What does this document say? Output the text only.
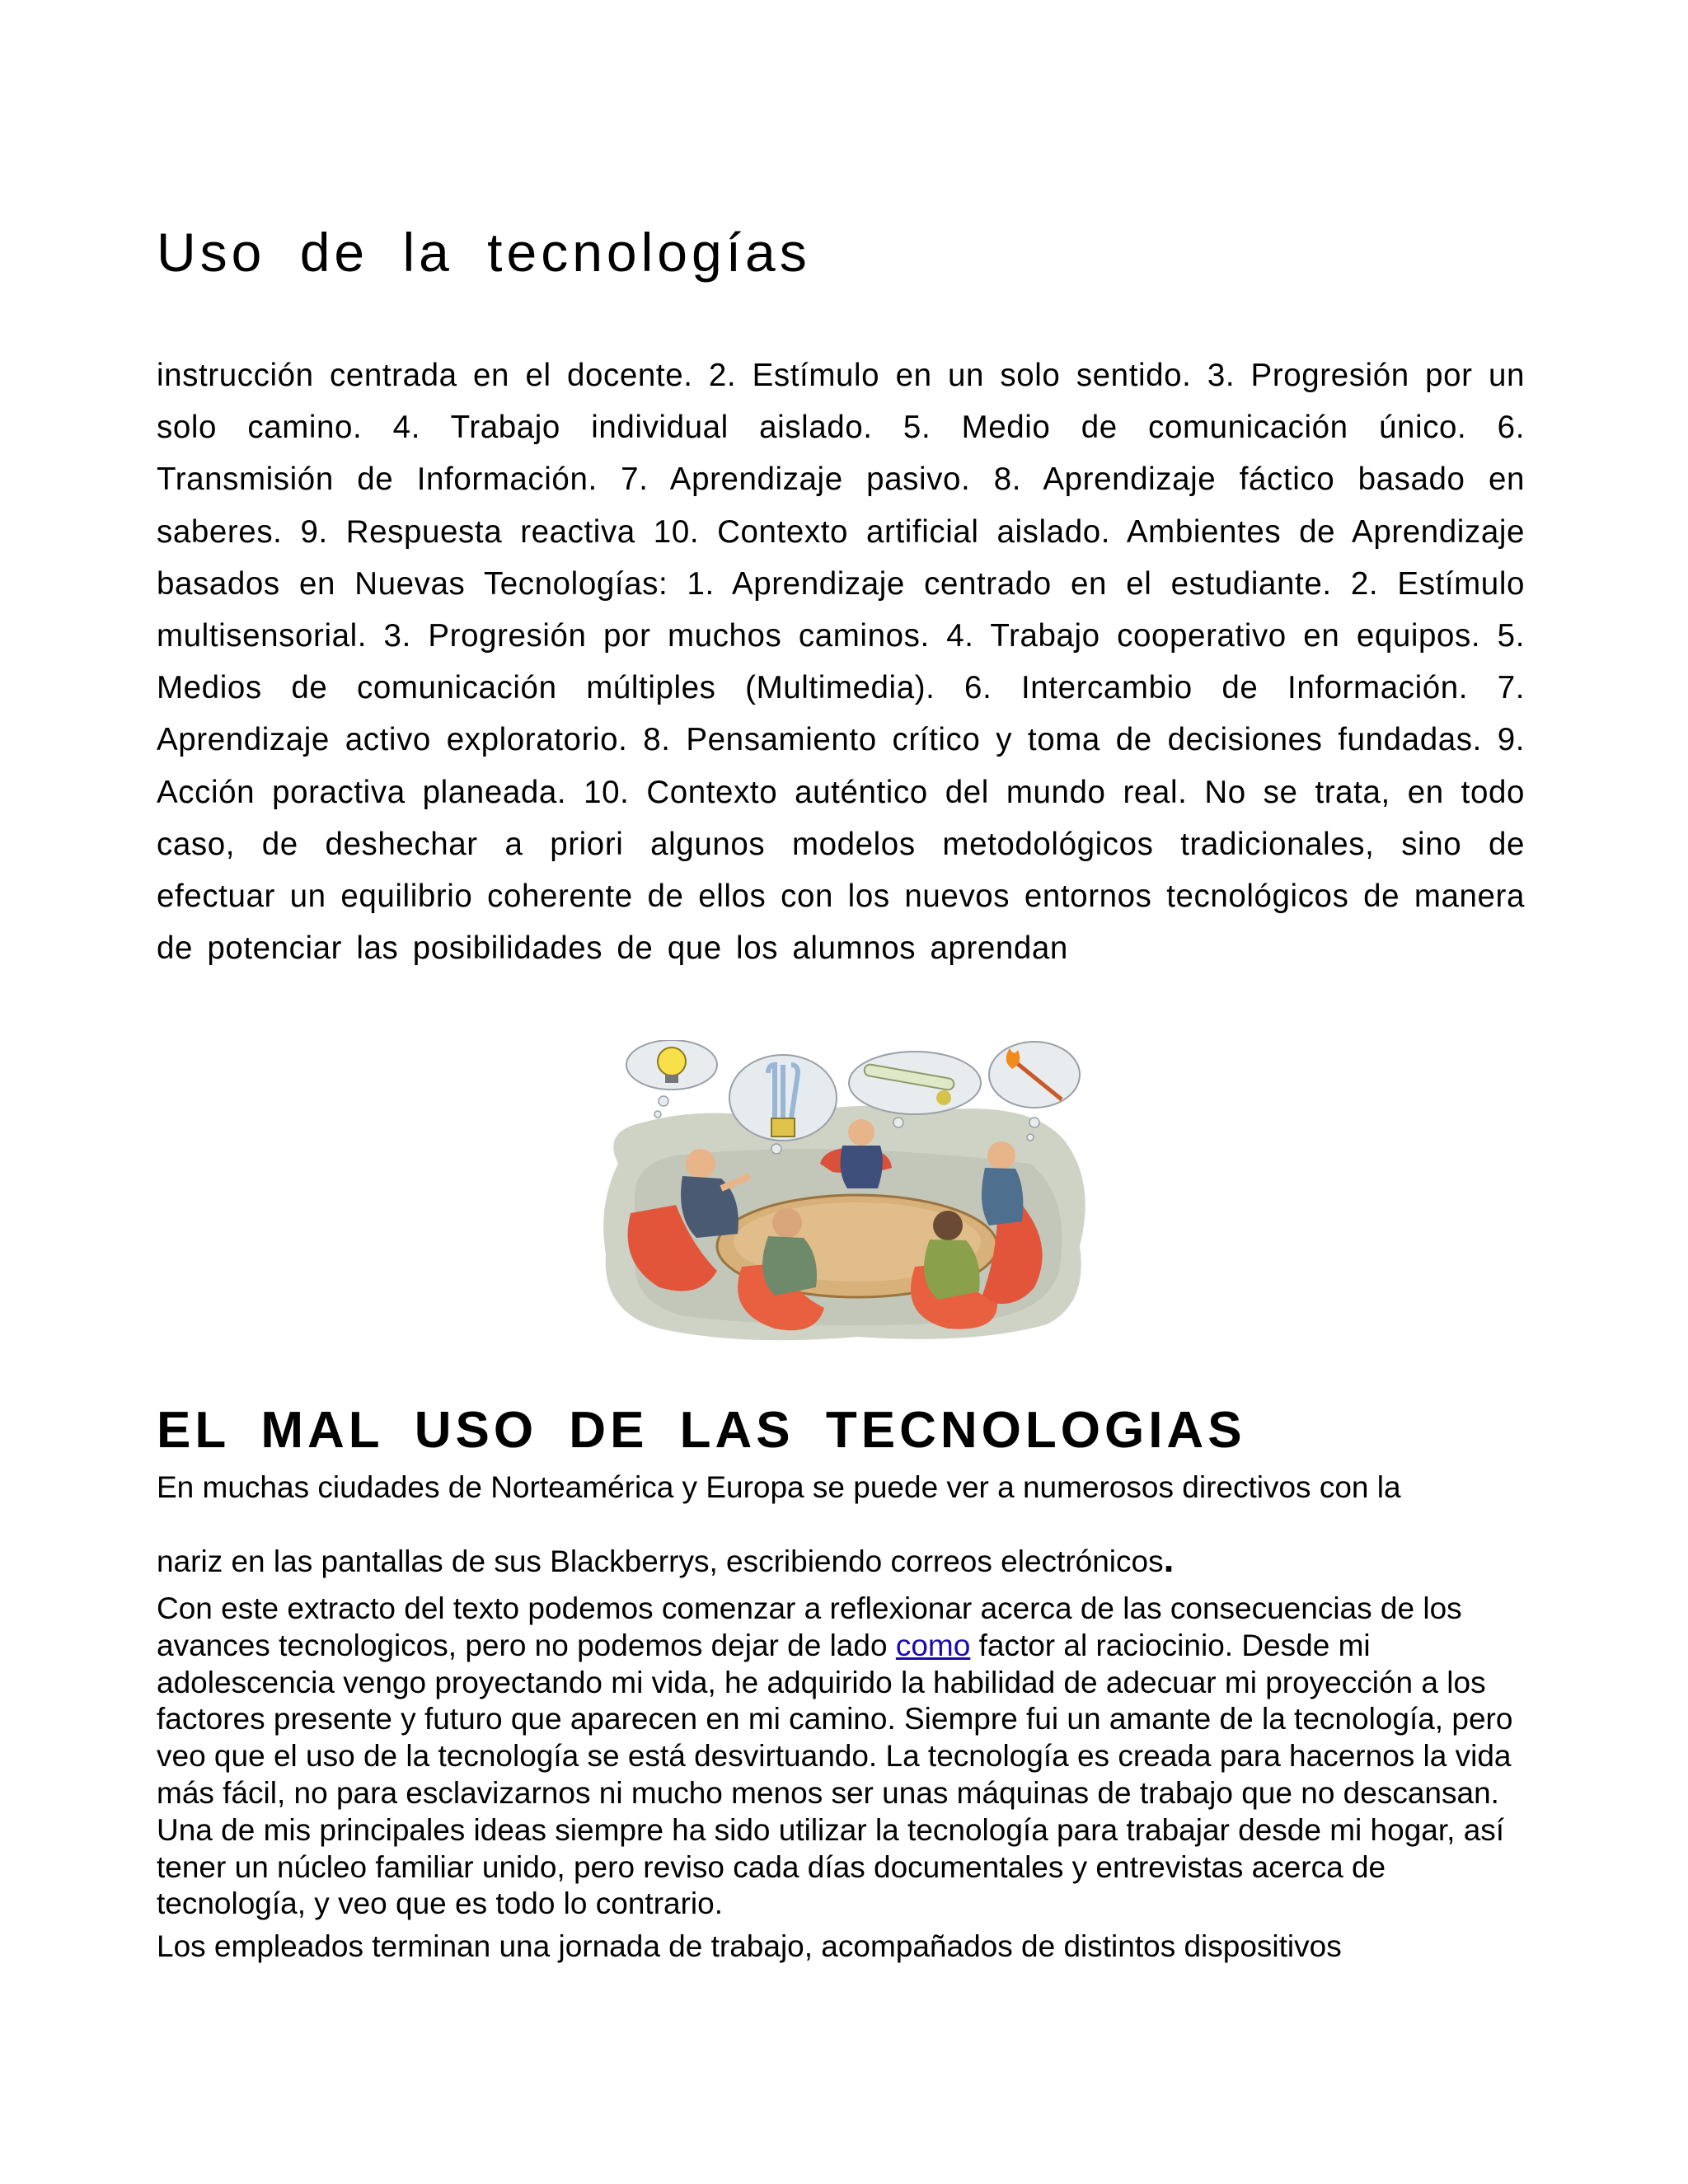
Uso de la tecnologías

instrucción centrada en el docente. 2. Estímulo en un solo sentido. 3. Progresión por un solo camino. 4. Trabajo individual aislado. 5. Medio de comunicación único. 6. Transmisión de Información. 7. Aprendizaje pasivo. 8. Aprendizaje fáctico basado en saberes. 9. Respuesta reactiva 10. Contexto artificial aislado. Ambientes de Aprendizaje basados en Nuevas Tecnologías: 1. Aprendizaje centrado en el estudiante. 2. Estímulo multisensorial. 3. Progresión por muchos caminos. 4. Trabajo cooperativo en equipos. 5. Medios de comunicación múltiples (Multimedia). 6. Intercambio de Información. 7. Aprendizaje activo exploratorio. 8. Pensamiento crítico y toma de decisiones fundadas. 9. Acción poractiva planeada. 10. Contexto auténtico del mundo real. No se trata, en todo caso, de deshechar a priori algunos modelos metodológicos tradicionales, sino de efectuar un equilibrio coherente de ellos con los nuevos entornos tecnológicos de manera de potenciar las posibilidades de que los alumnos aprendan

EL MAL USO DE LAS TECNOLOGIAS

En muchas ciudades de Norteamérica y Europa se puede ver a numerosos directivos con la

nariz en las pantallas de sus Blackberrys, escribiendo correos electrónicos.

Con este extracto del texto podemos comenzar a reflexionar acerca de las consecuencias de los avances tecnologicos, pero no podemos dejar de lado como factor al raciocinio. Desde mi adolescencia vengo proyectando mi vida, he adquirido la habilidad de adecuar mi proyección a los factores presente y futuro que aparecen en mi camino. Siempre fui un amante de la tecnología, pero veo que el uso de la tecnología se está desvirtuando. La tecnología es creada para hacernos la vida más fácil, no para esclavizarnos ni mucho menos ser unas máquinas de trabajo que no descansan. Una de mis principales ideas siempre ha sido utilizar la tecnología para trabajar desde mi hogar, así tener un núcleo familiar unido, pero reviso cada días documentales y entrevistas acerca de tecnología, y veo que es todo lo contrario.

Los empleados terminan una jornada de trabajo, acompañados de distintos dispositivos
